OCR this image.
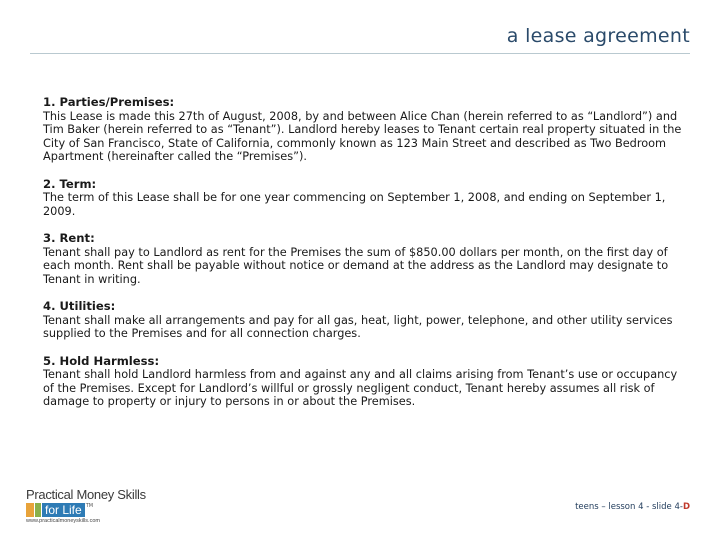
a lease agreement
1. Parties/Premises:
This Lease is made this 27th of August, 2008, by and between Alice Chan (herein referred to as “Landlord”) and Tim Baker (herein referred to as “Tenant”). Landlord hereby leases to Tenant certain real property situated in the City of San Francisco, State of California, commonly known as 123 Main Street and described as Two Bedroom Apartment (hereinafter called the “Premises”).
2. Term:
The term of this Lease shall be for one year commencing on September 1, 2008, and ending on September 1, 2009.
3. Rent:
Tenant shall pay to Landlord as rent for the Premises the sum of $850.00 dollars per month, on the first day of each month. Rent shall be payable without notice or demand at the address as the Landlord may designate to Tenant in writing.
4. Utilities:
Tenant shall make all arrangements and pay for all gas, heat, light, power, telephone, and other utility services supplied to the Premises and for all connection charges.
5. Hold Harmless:
Tenant shall hold Landlord harmless from and against any and all claims arising from Tenant’s use or occupancy of the Premises. Except for Landlord’s willful or grossly negligent conduct, Tenant hereby assumes all risk of damage to property or injury to persons in or about the Premises.
Practical Money Skills
for Life TM
www.practicalmoneyskills.com
teens – lesson 4 - slide 4-D
